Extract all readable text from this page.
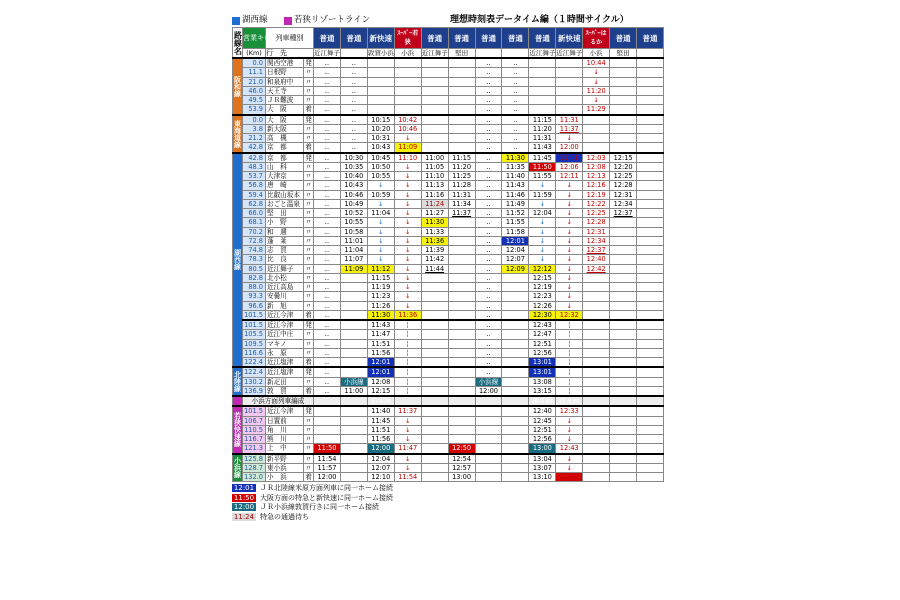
湖西線	若狭リゾートライン	理想時刻表データイム編（１時間サイクル）
路線名	営業キロ	列車種別		普通	普通	新快速	ｽｰﾊﾟｰ若狭	普通	普通	普通	普通	普通	新快速	ｽｰﾊﾟｰはるか	普通	普通
	(Km)	行　先		近江舞子		敦賀小浜	小浜	近江舞子	堅田			近江舞子	近江舞子	小浜	堅田	
阪和線	0.0	関西空港	発	‥	‥					‥	‥			10:44		
	11.1	日根野	〃	‥	‥					‥	‥			↓		
	21.0	和泉府中	〃	‥	‥					‥	‥			↓		
	46.0	天王寺	〃	‥	‥					‥	‥			11:20		
	49.5	ＪＲ難波	〃	‥	‥					‥	‥			↓		
	53.9	大　阪	着	‥	‥					‥	‥			11:29		
東海道線	0.0	大　阪	発	‥	‥	10:15	10:42			‥	‥	11:15	11:31			
	3.8	新大阪	〃	‥	‥	10:20	10:46			‥	‥	11:20	11:37			
	21.2	高　槻	〃	‥	‥	10:31	↓			‥	‥	11:31	↓			
	42.8	京　都	着	‥	‥	10:43	11:09			‥	‥	11:43	12:00			
湖西線	42.8	京　都	発	‥	10:30	10:45	11:10	11:00	11:15	‥	11:30	11:45	12:01	12:03	12:15	
	48.3	山　科	〃	‥	10:35	10:50	↓	11:05	11:20	‥	11:35	11:50	12:06	12:08	12:20	
	53.7	大津京	〃	‥	10:40	10:55	↓	11:10	11:25	‥	11:40	11:55	12:11	12:13	12:25	
	56.8	唐　崎	〃	‥	10:43	↓	↓	11:13	11:28	‥	11:43	↓	↓	12:16	12:28	
	59.4	比叡山坂本	〃	‥	10:46	10:59	↓	11:16	11:31	‥	11:46	11:59	↓	12:19	12:31	
	62.8	おごと温泉	〃	‥	10:49	↓	↓	11:24	11:34	‥	11:49	↓	↓	12:22	12:34	
	66.0	堅　田	〃	‥	10:52	11:04	↓	11:27	11:37	‥	11:52	12:04	↓	12:25	12:37	
	68.1	小　野	〃	‥	10:55	↓	↓	11:30		‥	11:55	↓	↓	12:28		
	70.2	和　邇	〃	‥	10:58	↓	↓	11:33		‥	11:58	↓	↓	12:31		
	72.8	蓬　莱	〃	‥	11:01	↓	↓	11:36		‥	12:01	↓	↓	12:34		
	74.8	志　賀	〃	‥	11:04	↓	↓	11:39		‥	12:04	↓	↓	12:37		
	78.3	比　良	〃	‥	11:07	↓	↓	11:42		‥	12:07	↓	↓	12:40		
	80.5	近江舞子	〃	‥	11:09	11:12	↓	11:44		‥	12:09	12:12	↓	12:42		
	82.8	北小松	〃	‥		11:15	↓			‥		12:15	↓			
	88.0	近江高島	〃	‥		11:19	↓			‥		12:19	↓			
	93.3	安曇川	〃	‥		11:23	↓			‥		12:23	↓			
	96.6	新　旭	〃	‥		11:26	↓			‥		12:26	↓			
	101.5	近江今津	着	‥		11:30	11:36			‥		12:30	12:32			
	101.5	近江今津	発	‥		11:43	¦			‥		12:43	¦			
	105.5	近江中庄	〃	‥		11:47	¦			‥		12:47	¦			
	109.5	マキノ	〃	‥		11:51	¦			‥		12:51	¦			
	116.6	永　原	〃	‥		11:56	¦			‥		12:56	¦			
	122.4	近江塩津	着	‥		12:01	¦			‥		13:01	¦			
北陸線	122.4	近江塩津	発	‥		12:01	¦			‥		13:01	¦			
	130.2	新疋田	〃	‥	小浜線	12:08	¦			小浜線		13:08	¦			
	136.9	敦　賀	着	‥	11:00	12:15	¦			12:00		13:15	¦			
	小浜方面列車編成					前４両						前４両	前６両			
若狭快速線	101.5	近江今津	発			11:40	11:37					12:40	12:33			
	106.7	日置前	〃			11:45	↓					12:45	↓			
	110.5	角　川	〃			11:51	↓					12:51	↓			
	116.7	熊　川	〃			11:56	↓					12:56	↓			
	121.3	上　中	〃	11:50		12:00	11:47		12:50			13:00	12:43			
小浜線	125.8	新平野	〃	11:54		12:04	↓		12:54			13:04	↓			
	128.7	東小浜	〃	11:57		12:07	↓		12:57			13:07	↓			
	132.0	小　浜	着	12:00		12:10	11:54		13:00			13:10	12:50			
12:01 ＪＲ北陸線米原方面列車に同一ホーム接続
11:50 大阪方面の特急と新快速に同一ホーム接続
12:00 ＪＲ小浜線敦賀行きに同一ホーム接続
11:24 特急の通過待ち
